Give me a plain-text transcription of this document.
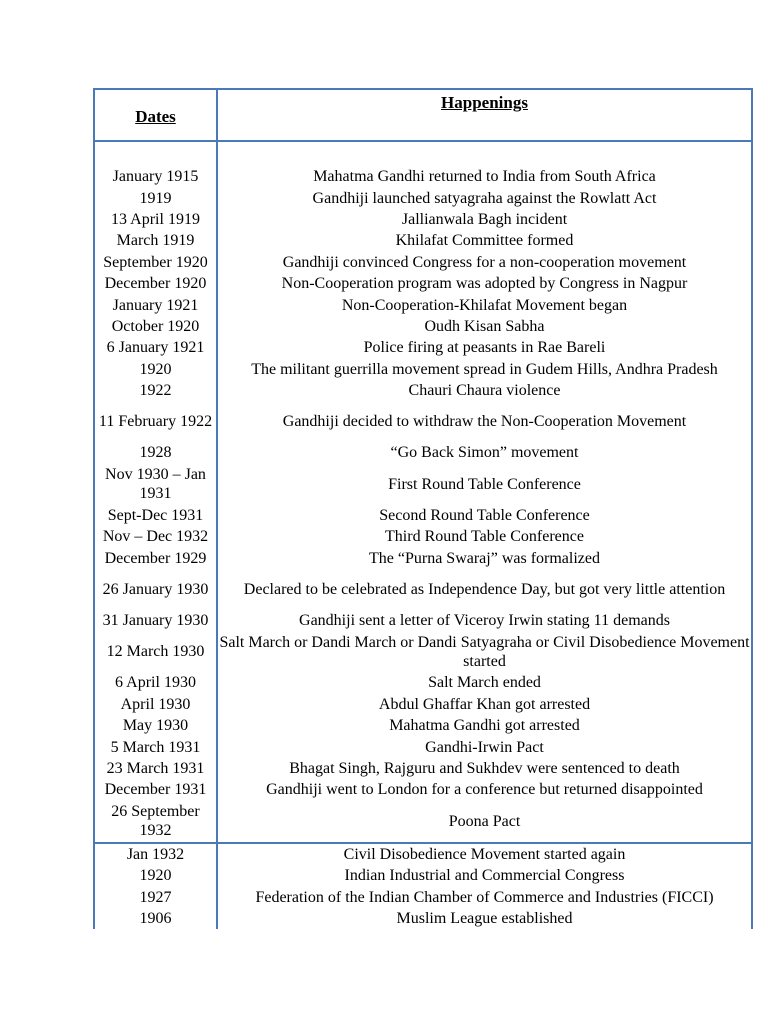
Dates	Happenings

January 1915	Mahatma Gandhi returned to India from South Africa
1919	Gandhiji launched satyagraha against the Rowlatt Act
13 April 1919	Jallianwala Bagh incident
March 1919	Khilafat Committee formed
September 1920	Gandhiji convinced Congress for a non-cooperation movement
December 1920	Non-Cooperation program was adopted by Congress in Nagpur
January 1921	Non-Cooperation-Khilafat Movement began
October 1920	Oudh Kisan Sabha
6 January 1921	Police firing at peasants in Rae Bareli
1920	The militant guerrilla movement spread in Gudem Hills, Andhra Pradesh
1922	Chauri Chaura violence
11 February 1922	Gandhiji decided to withdraw the Non-Cooperation Movement
1928	“Go Back Simon” movement
Nov 1930 – Jan 1931	First Round Table Conference
Sept-Dec 1931	Second Round Table Conference
Nov – Dec 1932	Third Round Table Conference
December 1929	The “Purna Swaraj” was formalized
26 January 1930	Declared to be celebrated as Independence Day, but got very little attention
31 January 1930	Gandhiji sent a letter of Viceroy Irwin stating 11 demands
12 March 1930	Salt March or Dandi March or Dandi Satyagraha or Civil Disobedience Movement started
6 April 1930	Salt March ended
April 1930	Abdul Ghaffar Khan got arrested
May 1930	Mahatma Gandhi got arrested
5 March 1931	Gandhi-Irwin Pact
23 March 1931	Bhagat Singh, Rajguru and Sukhdev were sentenced to death
December 1931	Gandhiji went to London for a conference but returned disappointed
26 September 1932	Poona Pact
Jan 1932	Civil Disobedience Movement started again
1920	Indian Industrial and Commercial Congress
1927	Federation of the Indian Chamber of Commerce and Industries (FICCI)
1906	Muslim League established
